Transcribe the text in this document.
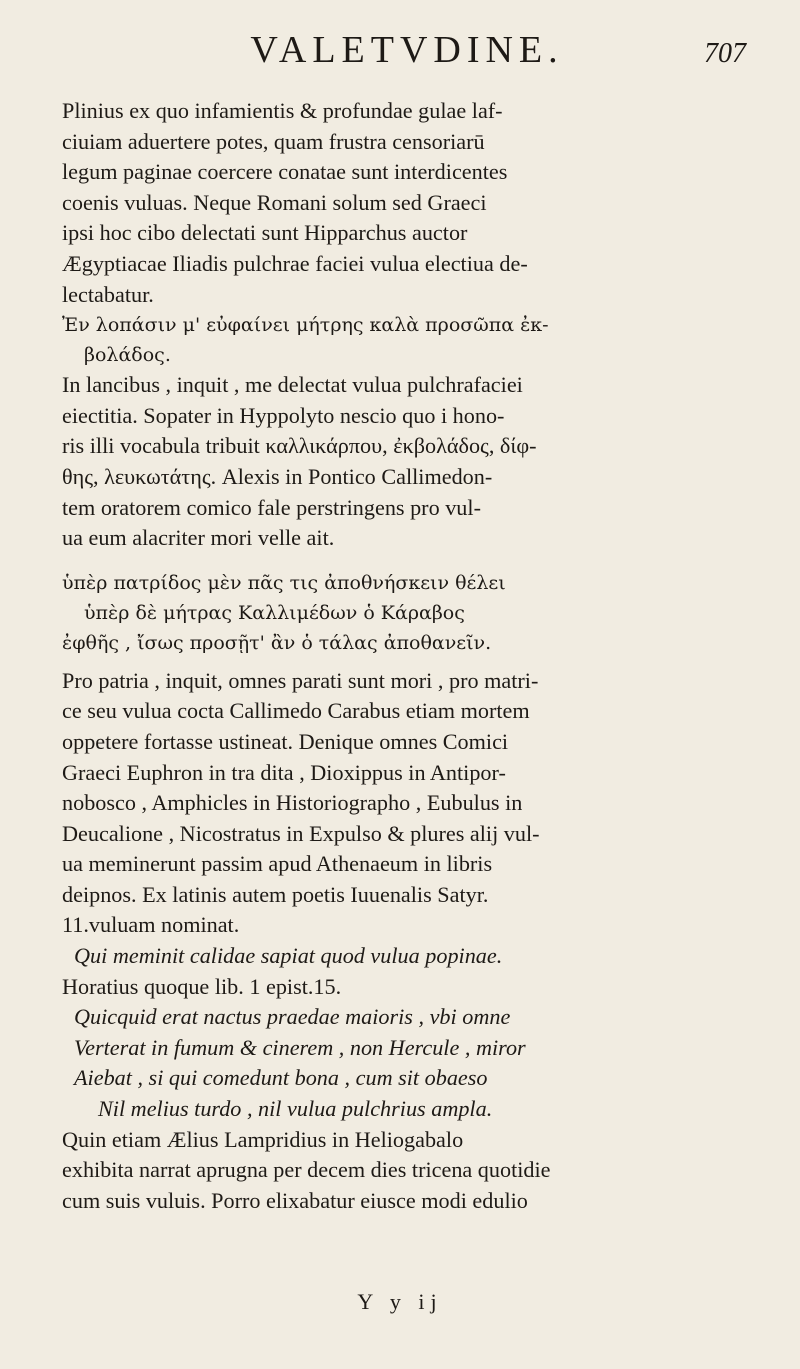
VALETVDINE.	707
Plinius ex quo infamientis & profundae gulae laf-
ciuiam aduertere potes, quam frustra censoriarū
legum paginae coercere conatae sunt interdicentes
coenis vuluas. Neque Romani solum sed Graeci
ipsi hoc cibo delectati sunt Hipparchus auctor
Ægyptiacae Iliadis pulchrae faciei vulua electiua de-
lectabatur.
Ἐν λοπάσιν μ' εὐφαίνει μήτρης καλὰ προσῶπα ἐκ-
βολάδος.
In lancibus , inquit , me delectat vulua pulchrafaciei
eiectitia. Sopater in Hyppolyto nescio quo i hono-
ris illi vocabula tribuit καλλικάρπου, ἐκβολάδος, δίφ-
θης, λευκωτάτης. Alexis in Pontico Callimedon-
tem oratorem comico fale perstringens pro vul-
ua eum alacriter mori velle ait.
ὑπὲρ πατρίδος μὲν πᾶς τις ἀποθνήσκειν θέλει
ὑπὲρ δὲ μήτρας Καλλιμέδων ὁ Κάραβος
ἐφθῆς , ἴσως προσῇτ' ἂν ὁ τάλας ἀποθανεῖν.
Pro patria , inquit, omnes parati sunt mori , pro matri-
ce seu vulua cocta Callimedo Carabus etiam mortem
oppetere fortasse ustineat. Denique omnes Comici
Graeci Euphron in tra dita , Dioxippus in Antipor-
nobosco , Amphicles in Historiographo , Eubulus in
Deucalione , Nicostratus in Expulso & plures alij vul-
ua meminerunt passim apud Athenaeum in libris
deipnos. Ex latinis autem poetis Iuuenalis Satyr.
11.vuluam nominat.
Qui meminit calidae sapiat quod vulua popinae.
Horatius quoque lib. 1 epist.15.
Quicquid erat nactus praedae maioris , vbi omne
Verterat in fumum & cinerem , non Hercule , miror
Aiebat , si qui comedunt bona , cum sit obaeso
Nil melius turdo , nil vulua pulchrius ampla.
Quin etiam Ælius Lampridius in Heliogabalo
exhibita narrat aprugna per decem dies tricena quotidie
cum suis vuluis. Porro elixabatur eiusce modi edulio
Y y ij
